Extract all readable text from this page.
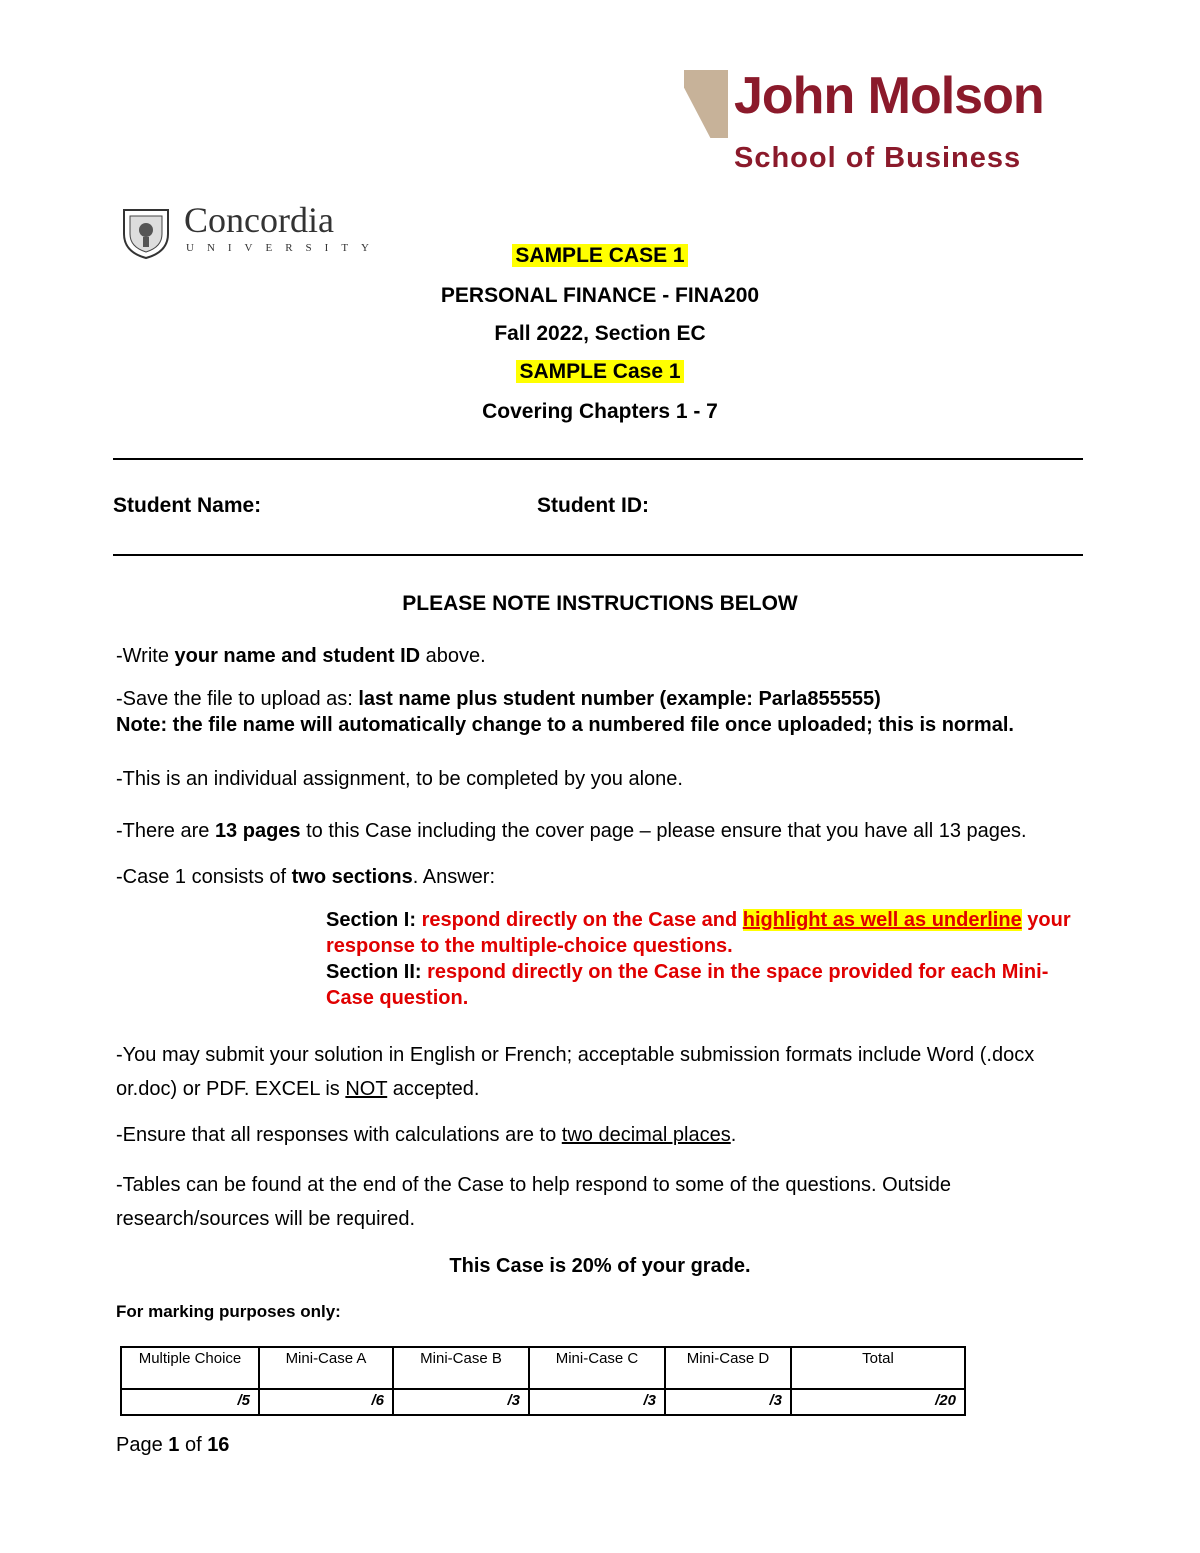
John Molson
School of Business
Concordia
UNIVERSITY	SAMPLE CASE 1
PERSONAL FINANCE - FINA200
Fall 2022, Section EC
SAMPLE Case 1
Covering Chapters 1 - 7
Student Name:	Student ID:
PLEASE NOTE INSTRUCTIONS BELOW
-Write your name and student ID above.
-Save the file to upload as: last name plus student number (example: Parla855555)
Note: the file name will automatically change to a numbered file once uploaded; this is normal.
-This is an individual assignment, to be completed by you alone.
-There are 13 pages to this Case including the cover page – please ensure that you have all 13 pages.
-Case 1 consists of two sections. Answer:
Section I: respond directly on the Case and highlight as well as underline your response to the multiple-choice questions.
Section II: respond directly on the Case in the space provided for each Mini-Case question.
-You may submit your solution in English or French; acceptable submission formats include Word (.docx or.doc) or PDF. EXCEL is NOT accepted.
-Ensure that all responses with calculations are to two decimal places.
-Tables can be found at the end of the Case to help respond to some of the questions. Outside research/sources will be required.
This Case is 20% of your grade.
For marking purposes only:
Multiple Choice	Mini-Case A	Mini-Case B	Mini-Case C	Mini-Case D	Total
/5	/6	/3	/3	/3	/20
Page 1 of 16
